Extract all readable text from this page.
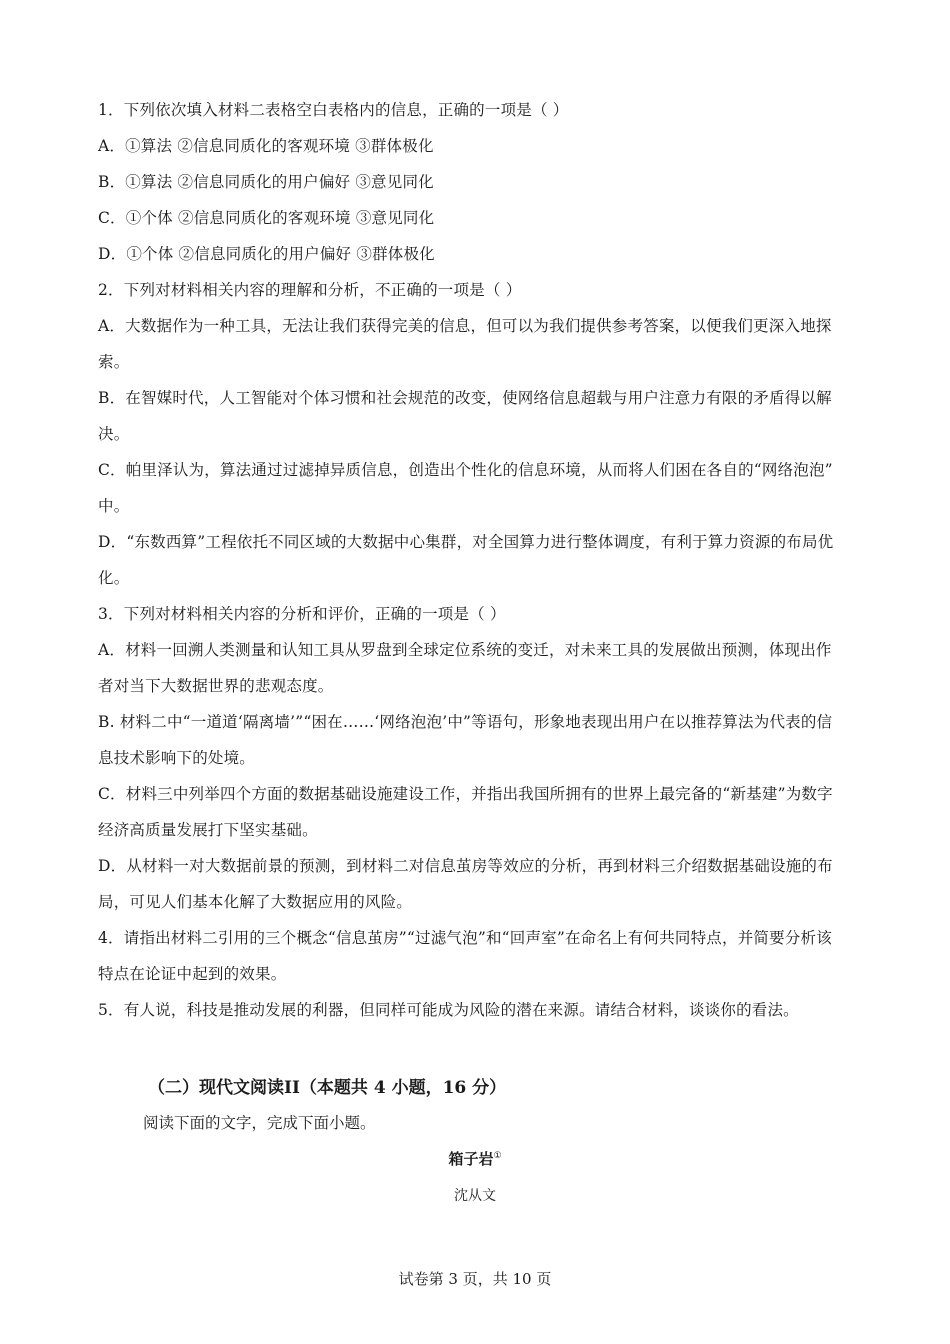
1．下列依次填入材料二表格空白表格内的信息，正确的一项是（ ）
A．①算法 ②信息同质化的客观环境 ③群体极化
B．①算法 ②信息同质化的用户偏好 ③意见同化
C．①个体 ②信息同质化的客观环境 ③意见同化
D．①个体 ②信息同质化的用户偏好 ③群体极化
2．下列对材料相关内容的理解和分析，不正确的一项是（ ）
A．大数据作为一种工具，无法让我们获得完美的信息，但可以为我们提供参考答案，以便我们更深入地探
索。
B．在智媒时代，人工智能对个体习惯和社会规范的改变，使网络信息超载与用户注意力有限的矛盾得以解
决。
C．帕里泽认为，算法通过过滤掉异质信息，创造出个性化的信息环境，从而将人们困在各自的“网络泡泡”
中。
D．“东数西算”工程依托不同区域的大数据中心集群，对全国算力进行整体调度，有利于算力资源的布局优
化。
3．下列对材料相关内容的分析和评价，正确的一项是（ ）
A．材料一回溯人类测量和认知工具从罗盘到全球定位系统的变迁，对未来工具的发展做出预测，体现出作
者对当下大数据世界的悲观态度。
B. 材料二中“一道道‘隔离墙’”“困在……‘网络泡泡’中”等语句，形象地表现出用户在以推荐算法为代表的信
息技术影响下的处境。
C．材料三中列举四个方面的数据基础设施建设工作，并指出我国所拥有的世界上最完备的“新基建”为数字
经济高质量发展打下坚实基础。
D．从材料一对大数据前景的预测，到材料二对信息茧房等效应的分析，再到材料三介绍数据基础设施的布
局，可见人们基本化解了大数据应用的风险。
4．请指出材料二引用的三个概念“信息茧房”“过滤气泡”和“回声室”在命名上有何共同特点，并简要分析该
特点在论证中起到的效果。
5．有人说，科技是推动发展的利器，但同样可能成为风险的潜在来源。请结合材料，谈谈你的看法。
（二）现代文阅读II（本题共 4 小题，16 分）
阅读下面的文字，完成下面小题。
箱子岩①
沈从文
试卷第 3 页，共 10 页
